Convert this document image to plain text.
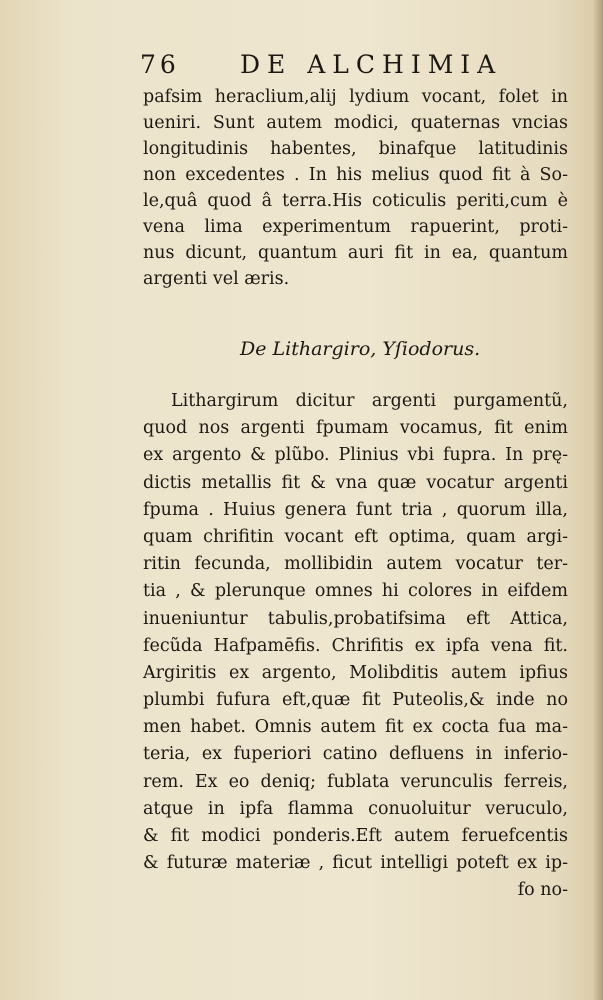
76 DE ALCHIMIA
pafsim heraclium,alij lydium vocant, folet in
ueniri. Sunt autem modici, quaternas vncias
longitudinis habentes, binafque latitudinis
non excedentes . In his melius quod fit à So-
le,quâ quod â terra.His coticulis periti,cum è
vena lima experimentum rapuerint, proti-
nus dicunt, quantum auri fit in ea, quantum
argenti vel æris.
De Lithargiro, Yſiodorus.
Lithargirum dicitur argenti purgamentũ,
quod nos argenti fpumam vocamus, fit enim
ex argento & plũbo. Plinius vbi fupra. In prę-
dictis metallis fit & vna quæ vocatur argenti
fpuma . Huius genera funt tria , quorum illa,
quam chrifitin vocant eft optima, quam argi-
ritin fecunda, mollibidin autem vocatur ter-
tia , & plerunque omnes hi colores in eifdem
inueniuntur tabulis,probatifsima eft Attica,
fecũda Hafpamēfis. Chrifitis ex ipfa vena fit.
Argiritis ex argento, Molibditis autem ipfius
plumbi fufura eft,quæ fit Puteolis,& inde no
men habet. Omnis autem fit ex cocta fua ma-
teria, ex fuperiori catino defluens in inferio-
rem. Ex eo deniq; fublata verunculis ferreis,
atque in ipfa flamma conuoluitur veruculo,
& fit modici ponderis.Eft autem feruefcentis
& futuræ materiæ , ficut intelligi poteft ex ip-
fo no-
